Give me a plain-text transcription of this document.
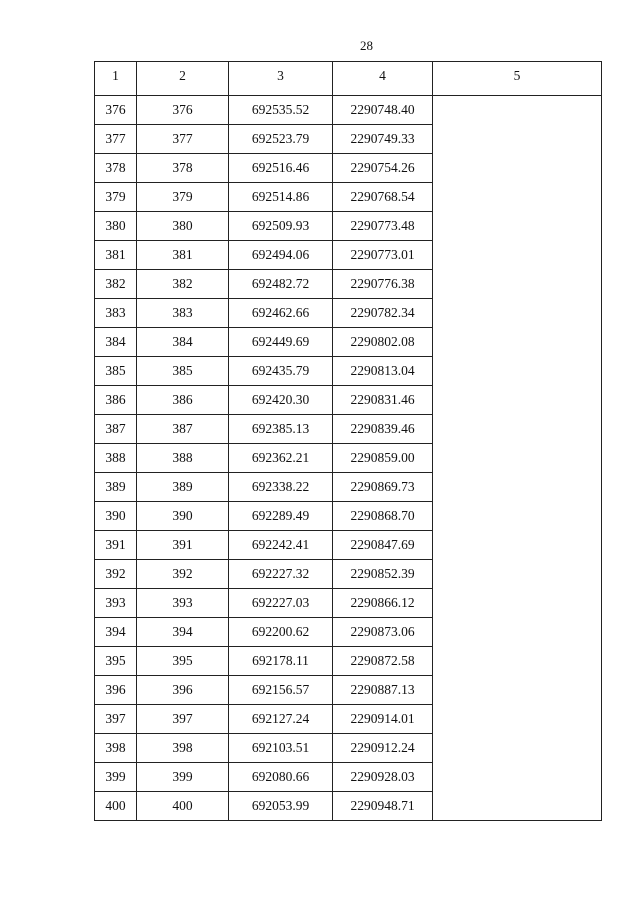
28
1	2	3	4	5
376	376	692535.52	2290748.40	
377	377	692523.79	2290749.33	
378	378	692516.46	2290754.26	
379	379	692514.86	2290768.54	
380	380	692509.93	2290773.48	
381	381	692494.06	2290773.01	
382	382	692482.72	2290776.38	
383	383	692462.66	2290782.34	
384	384	692449.69	2290802.08	
385	385	692435.79	2290813.04	
386	386	692420.30	2290831.46	
387	387	692385.13	2290839.46	
388	388	692362.21	2290859.00	
389	389	692338.22	2290869.73	
390	390	692289.49	2290868.70	
391	391	692242.41	2290847.69	
392	392	692227.32	2290852.39	
393	393	692227.03	2290866.12	
394	394	692200.62	2290873.06	
395	395	692178.11	2290872.58	
396	396	692156.57	2290887.13	
397	397	692127.24	2290914.01	
398	398	692103.51	2290912.24	
399	399	692080.66	2290928.03	
400	400	692053.99	2290948.71	
